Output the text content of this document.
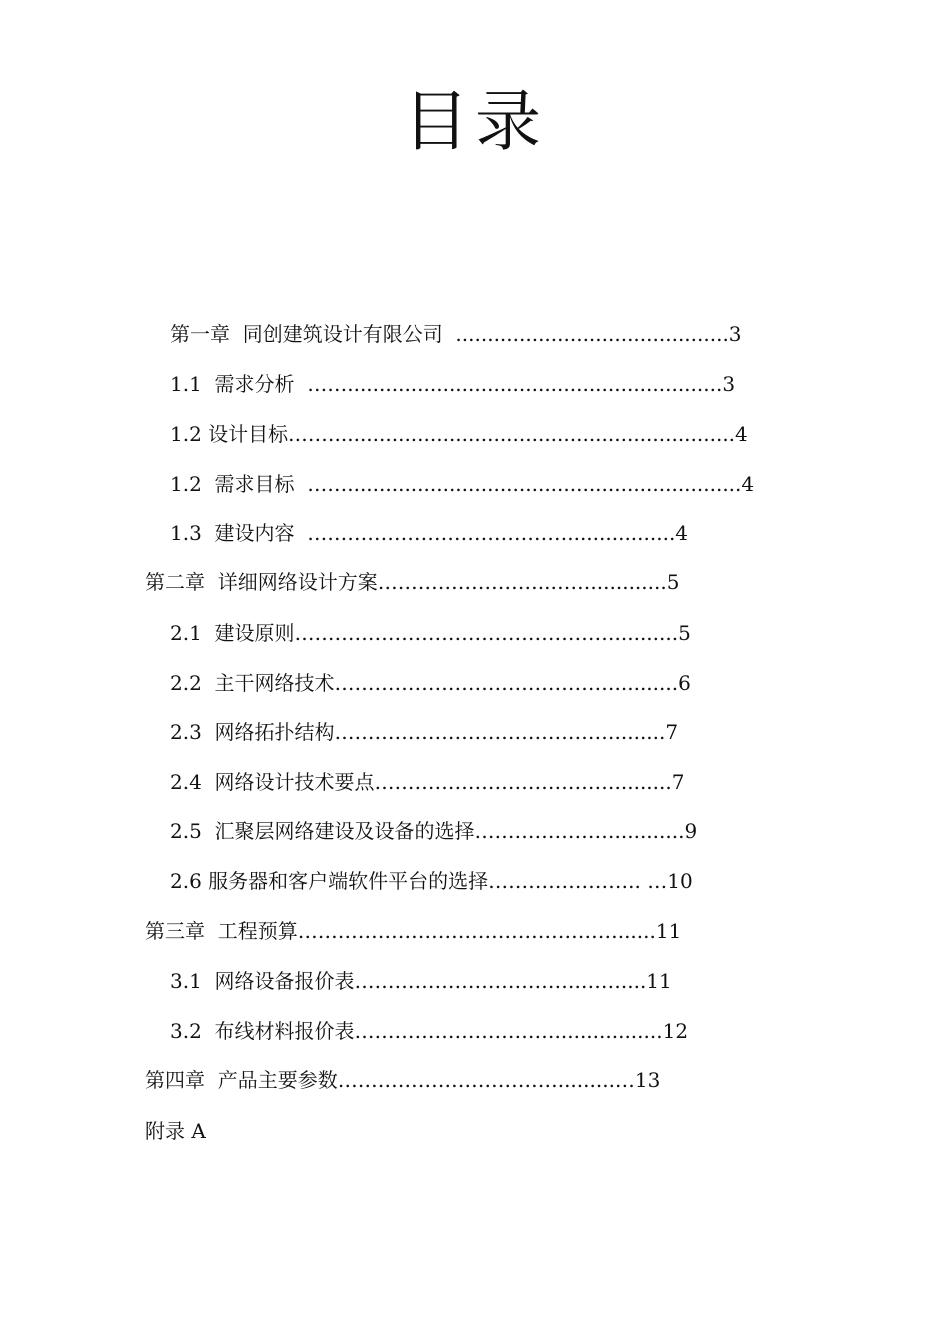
目录
第一章  同创建筑设计有限公司  ...........................................3
1.1  需求分析  ……...........................................................3
1.2 设计目标.……...............................................................4
1.2  需求目标  ……..............................................................4
1.3  建设内容  ………………………………….................4
第二章  详细网络设计方案……………………..……............5
2.1  建设原则…………………………………………..........5
2.2  主干网络技术……………………………………..........6
2.3  网络拓扑结构……………………………………........7
2.4  网络设计技术要点……………………………….........7
2.5  汇聚层网络建设及设备的选择…………………...........9
2.6 服务器和客户端软件平台的选择………………….. …10
第三章  工程预算…………………………………………......11
3.1  网络设备报价表…………………………….……....11
3.2  布线材料报价表………………………….................12
第四章  产品主要参数…………………………….........…13
附录 A
